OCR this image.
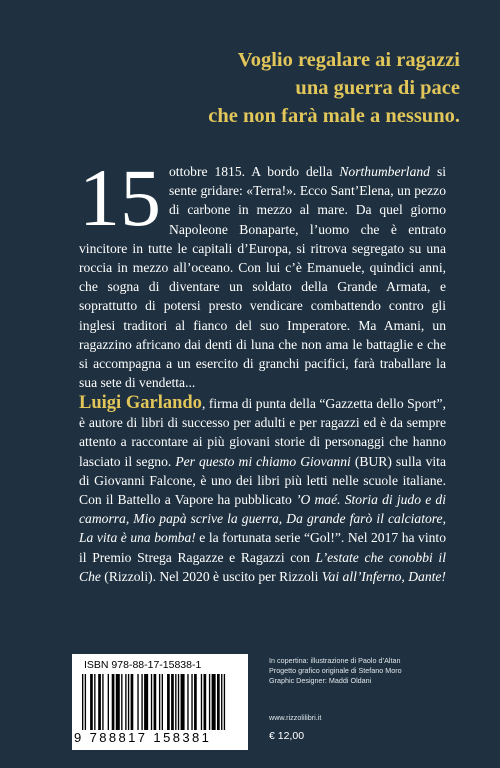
Voglio regalare ai ragazzi
una guerra di pace
che non farà male a nessuno.
15 ottobre 1815. A bordo della Northumberland si sente gridare: «Terra!». Ecco Sant’Elena, un pezzo di carbone in mezzo al mare. Da quel giorno Napoleone Bonaparte, l’uomo che è entrato vincitore in tutte le capitali d’Europa, si ritrova segregato su una roccia in mezzo all’oceano. Con lui c’è Emanuele, quindici anni, che sogna di diventare un soldato della Grande Armata, e soprattutto di potersi presto vendicare combattendo contro gli inglesi traditori al fianco del suo Imperatore. Ma Amani, un ragazzino africano dai denti di luna che non ama le battaglie e che si accompagna a un esercito di granchi pacifici, farà traballare la sua sete di vendetta...
Luigi Garlando, firma di punta della “Gazzetta dello Sport”, è autore di libri di successo per adulti e per ragazzi ed è da sempre attento a raccontare ai più giovani storie di personaggi che hanno lasciato il segno. Per questo mi chiamo Giovanni (BUR) sulla vita di Giovanni Falcone, è uno dei libri più letti nelle scuole italiane. Con il Battello a Vapore ha pubblicato ’O maé. Storia di judo e di camorra, Mio papà scrive la guerra, Da grande farò il calciatore, La vita è una bomba! e la fortunata serie “Gol!”. Nel 2017 ha vinto il Premio Strega Ragazze e Ragazzi con L’estate che conobbi il Che (Rizzoli). Nel 2020 è uscito per Rizzoli Vai all’Inferno, Dante!
ISBN 978-88-17-15838-1
9 788817 158381
In copertina: illustrazione di Paolo d’Altan
Progetto grafico originale di Stefano Moro
Graphic Designer: Maddi Oldani
www.rizzolilibri.it
€ 12,00
